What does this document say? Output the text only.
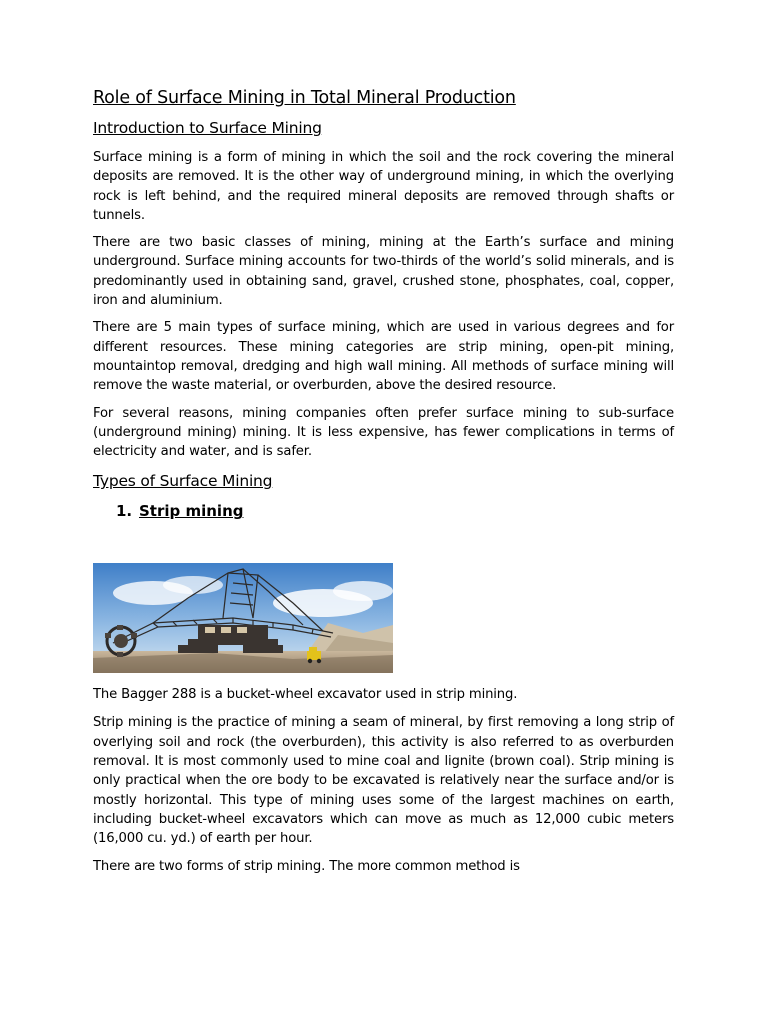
Role of Surface Mining in Total Mineral Production
Introduction to Surface Mining

Surface mining is a form of mining in which the soil and the rock covering the mineral deposits are removed. It is the other way of underground mining, in which the overlying rock is left behind, and the required mineral deposits are removed through shafts or tunnels.

There are two basic classes of mining, mining at the Earth’s surface and mining underground. Surface mining accounts for two-thirds of the world’s solid minerals, and is predominantly used in obtaining sand, gravel, crushed stone, phosphates, coal, copper, iron and aluminium.

There are 5 main types of surface mining, which are used in various degrees and for different resources. These mining categories are strip mining, open-pit mining, mountaintop removal, dredging and high wall mining. All methods of surface mining will remove the waste material, or overburden, above the desired resource.

For several reasons, mining companies often prefer surface mining to sub-surface (underground mining) mining. It is less expensive, has fewer complications in terms of electricity and water, and is safer.

Types of Surface Mining
1. Strip mining

The Bagger 288 is a bucket-wheel excavator used in strip mining.

Strip mining is the practice of mining a seam of mineral, by first removing a long strip of overlying soil and rock (the overburden), this activity is also referred to as overburden removal. It is most commonly used to mine coal and lignite (brown coal). Strip mining is only practical when the ore body to be excavated is relatively near the surface and/or is mostly horizontal. This type of mining uses some of the largest machines on earth, including bucket-wheel excavators which can move as much as 12,000 cubic meters (16,000 cu. yd.) of earth per hour.

There are two forms of strip mining. The more common method is
